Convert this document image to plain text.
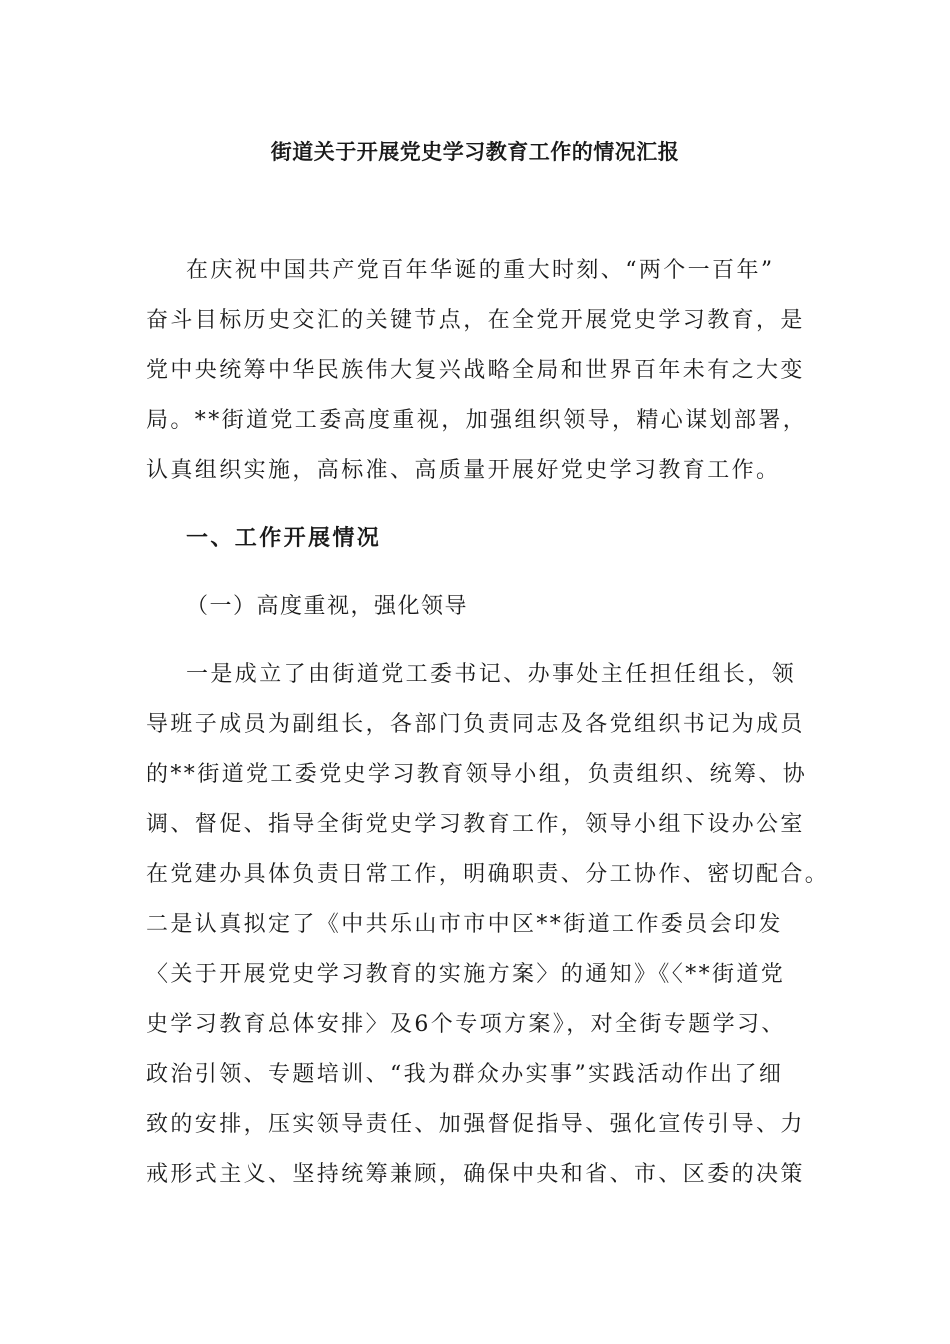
街道关于开展党史学习教育工作的情况汇报

在庆祝中国共产党百年华诞的重大时刻、“两个一百年”

奋斗目标历史交汇的关键节点，在全党开展党史学习教育，是

党中央统筹中华民族伟大复兴战略全局和世界百年未有之大变

局。**街道党工委高度重视，加强组织领导，精心谋划部署，

认真组织实施，高标准、高质量开展好党史学习教育工作。

一、工作开展情况

（一）高度重视，强化领导

一是成立了由街道党工委书记、办事处主任担任组长，领

导班子成员为副组长，各部门负责同志及各党组织书记为成员

的**街道党工委党史学习教育领导小组，负责组织、统筹、协

调、督促、指导全街党史学习教育工作，领导小组下设办公室

在党建办具体负责日常工作，明确职责、分工协作、密切配合。

二是认真拟定了《中共乐山市市中区**街道工作委员会印发

〈关于开展党史学习教育的实施方案〉的通知》《〈**街道党

史学习教育总体安排〉及6个专项方案》，对全街专题学习、

政治引领、专题培训、“我为群众办实事”实践活动作出了细

致的安排，压实领导责任、加强督促指导、强化宣传引导、力

戒形式主义、坚持统筹兼顾，确保中央和省、市、区委的决策
